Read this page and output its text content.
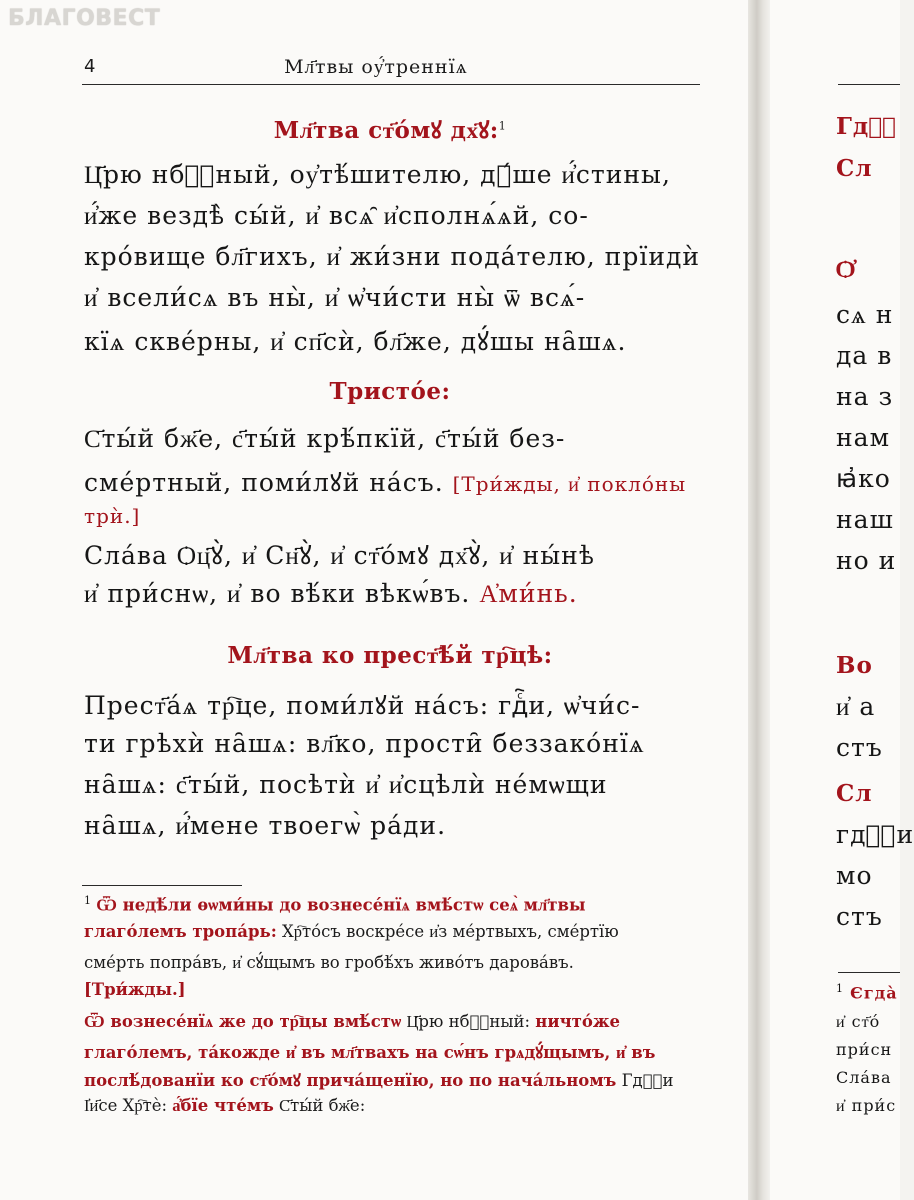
БЛАГОВЕСТ
4	Мл҃твы оу҆́треннїѧ
Мл҃тва ст҃о́мꙋ дх҃ꙋ:$^1$
Ц҃рю нбⷭ҇ный, оу҆тѣ́шителю, дꙋ́ше и҆́стины,
и҆́же вездѣ̀ сы́й, и҆ всѧ̑ и҆сполнѧ́ѧй, со-
кро́вище бл҃гихъ, и҆ жи́зни пода́телю, прїидѝ
и҆ всели́сѧ въ ны̀, и҆ ѡ҆чи́сти ны̀ ѿ всѧ́-
кїѧ скве́рны, и҆ сп҃сѝ, бл҃же, дꙋ́шы на̑шѧ.
Тристо́е:
С҃ты́й бж҃е, с҃ты́й крѣ́пкїй, с҃ты́й без-
сме́ртный, поми́лꙋй на́съ. [Три́жды, и҆ покло́ны
трѝ.]
Сла́ва Ѻц҃ꙋ̀, и҆ Сн҃ꙋ̀, и҆ ст҃о́мꙋ дх҃ꙋ̀, и҆ ны́нѣ
и҆ при́снѡ, и҆ во вѣ́ки вѣкѡ́въ. А҆ми́нь.
Мл҃тва ко прест҃ѣ́й тр҇цѣ:
Прест҃а́ѧ тр҇це, поми́лꙋй на́съ: гдⷭ҇и, ѡ҆чи́с-
ти грѣхѝ на̑шѧ: вл҃ко, прости̑ беззако́нїѧ
на̑шѧ: с҃ты́й, посѣтѝ и҆ и҆сцѣлѝ не́мѡщи
на̑шѧ, и҆́мене твоегѡ̀ ра́ди.
$^1$ Ѿ недѣ́ли ѳѡми́ны до вознесе́нїѧ вмѣ́стѡ сеѧ̀ мл҃твы
глаго́лемъ тропа́рь: Хр҇то́съ воскре́се и҆з ме́ртвыхъ, сме́ртїю
сме́рть попра́въ, и҆ сꙋ́щымъ во гробѣ́хъ живо́тъ дарова́въ.
[Три́жды.]
Ѿ вознесе́нїѧ же до тр҇цы вмѣ́стѡ Ц҃рю нбⷭ҇ный: ничто́же
глаго́лемъ, та́кожде и҆ въ мл҃твахъ на сѡ́нъ грѧдꙋ́щымъ, и҆ въ
послѣ́дованїи ко ст҃о́мꙋ прича́щенїю, но по нача́льномъ Гдⷭ҇и
І҆и҃се Хр҇тѐ: а҆́бїе чте́мъ С҃ты́й бж҃е:
Гдⷭ҇
Сл
Ѻ҆
сѧ н
да в
на з
нам
ꙗ҆ко
наш
но и
Во
и҆ а
стъ
Сл
гдⷭ҇и
мо
стъ
$^1$ Єгда̀
и҆ ст҃о́
при́сн
Сла́ва
и҆ при́с
